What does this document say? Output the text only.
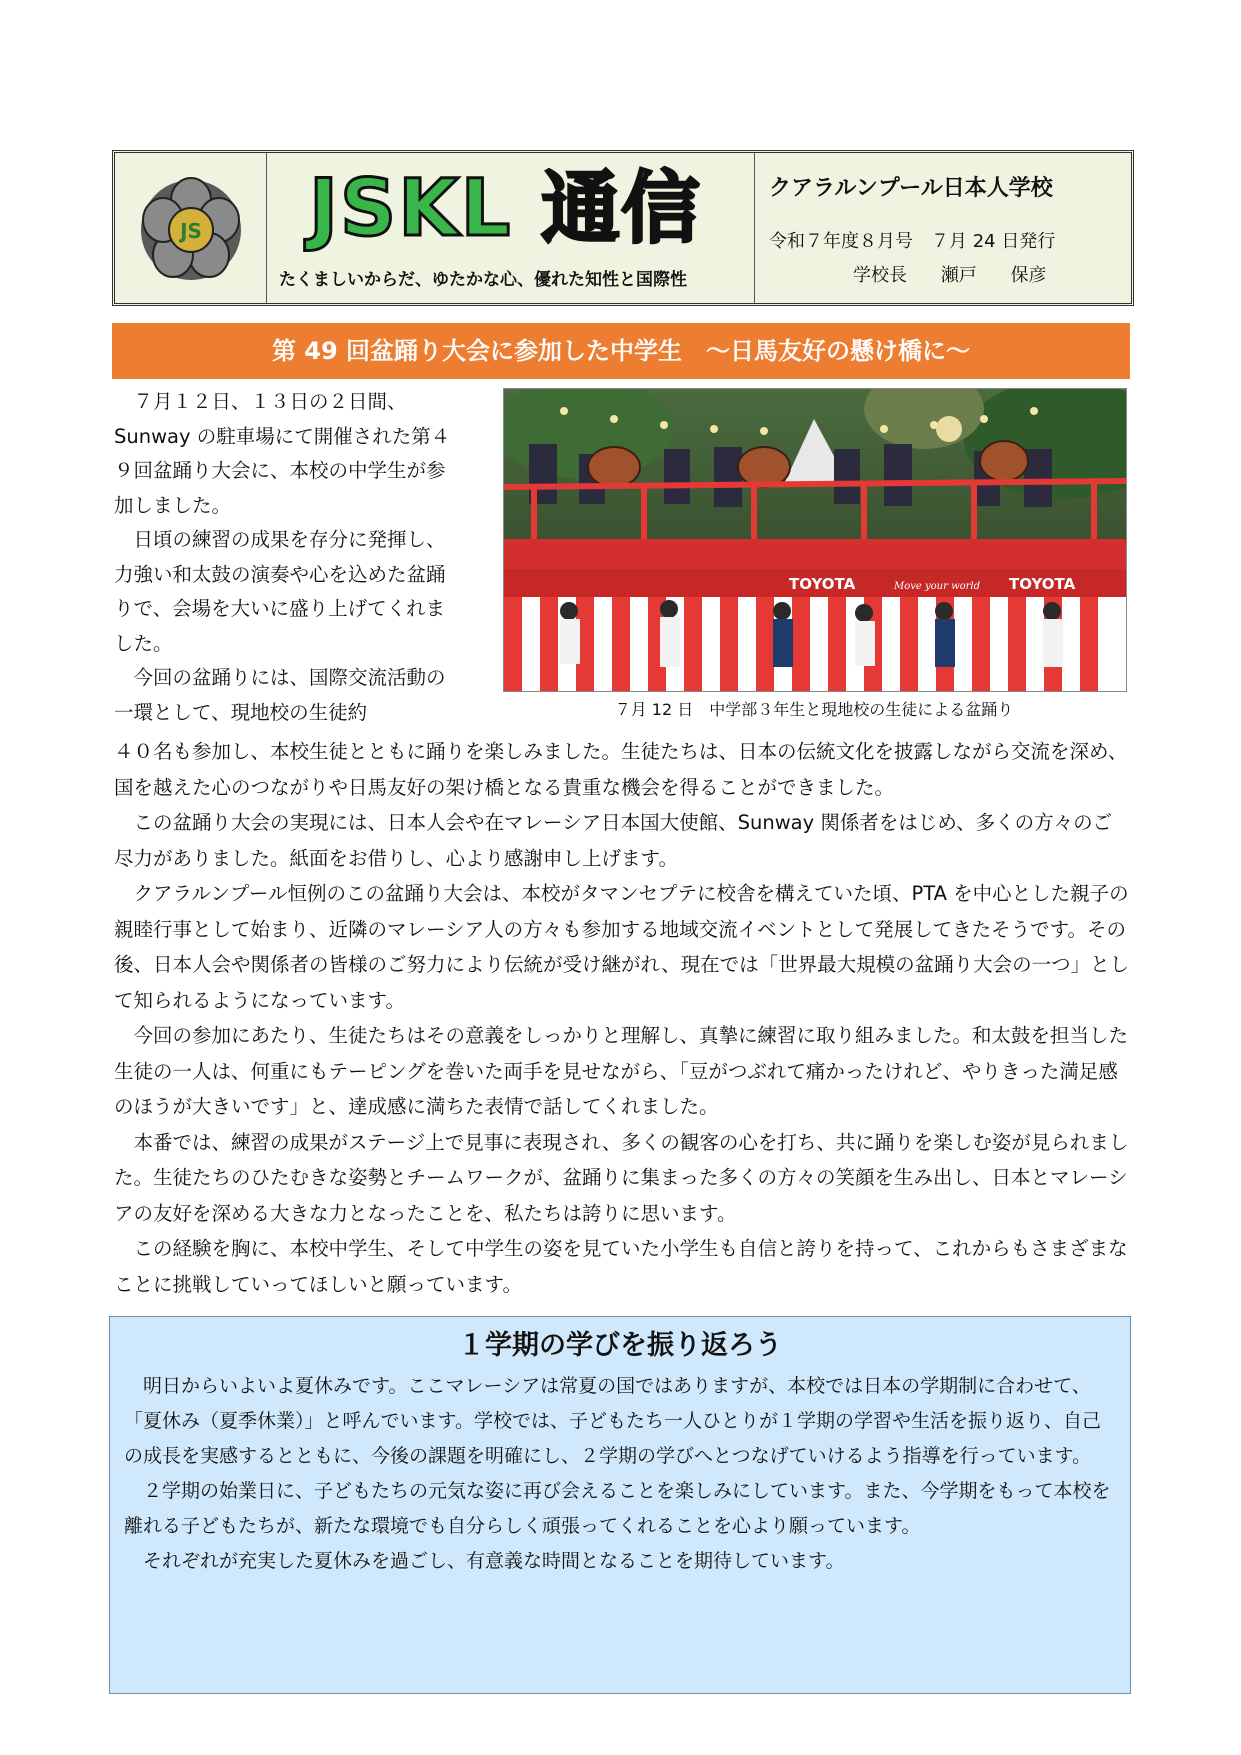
JS JSKL 通信
たくましいからだ、ゆたかな心、優れた知性と国際性
クアラルンプール日本人学校
令和７年度８月号　７月 24 日発行
学校長 瀬戸 保彦
第 49 回盆踊り大会に参加した中学生　～日馬友好の懸け橋に～

７月１２日、１３日の２日間、Sunway の駐車場にて開催された第４９回盆踊り大会に、本校の中学生が参加しました。

日頃の練習の成果を存分に発揮し、力強い和太鼓の演奏や心を込めた盆踊りで、会場を大いに盛り上げてくれました。

今回の盆踊りには、国際交流活動の一環として、現地校の生徒約

TOYOTA	Move your world TOYOTA
７月 12 日　中学部３年生と現地校の生徒による盆踊り

４０名も参加し、本校生徒とともに踊りを楽しみました。生徒たちは、日本の伝統文化を披露しながら交流を深め、国を越えた心のつながりや日馬友好の架け橋となる貴重な機会を得ることができました。

この盆踊り大会の実現には、日本人会や在マレーシア日本国大使館、Sunway 関係者をはじめ、多くの方々のご尽力がありました。紙面をお借りし、心より感謝申し上げます。

クアラルンプール恒例のこの盆踊り大会は、本校がタマンセプテに校舎を構えていた頃、PTA を中心とした親子の親睦行事として始まり、近隣のマレーシア人の方々も参加する地域交流イベントとして発展してきたそうです。その後、日本人会や関係者の皆様のご努力により伝統が受け継がれ、現在では「世界最大規模の盆踊り大会の一つ」として知られるようになっています。

今回の参加にあたり、生徒たちはその意義をしっかりと理解し、真摯に練習に取り組みました。和太鼓を担当した生徒の一人は、何重にもテーピングを巻いた両手を見せながら、「豆がつぶれて痛かったけれど、やりきった満足感のほうが大きいです」と、達成感に満ちた表情で話してくれました。

本番では、練習の成果がステージ上で見事に表現され、多くの観客の心を打ち、共に踊りを楽しむ姿が見られました。生徒たちのひたむきな姿勢とチームワークが、盆踊りに集まった多くの方々の笑顔を生み出し、日本とマレーシアの友好を深める大きな力となったことを、私たちは誇りに思います。

この経験を胸に、本校中学生、そして中学生の姿を見ていた小学生も自信と誇りを持って、これからもさまざまなことに挑戦していってほしいと願っています。

１学期の学びを振り返ろう

明日からいよいよ夏休みです。ここマレーシアは常夏の国ではありますが、本校では日本の学期制に合わせて、「夏休み（夏季休業）」と呼んでいます。学校では、子どもたち一人ひとりが１学期の学習や生活を振り返り、自己の成長を実感するとともに、今後の課題を明確にし、２学期の学びへとつなげていけるよう指導を行っています。

２学期の始業日に、子どもたちの元気な姿に再び会えることを楽しみにしています。また、今学期をもって本校を離れる子どもたちが、新たな環境でも自分らしく頑張ってくれることを心より願っています。

それぞれが充実した夏休みを過ごし、有意義な時間となることを期待しています。
